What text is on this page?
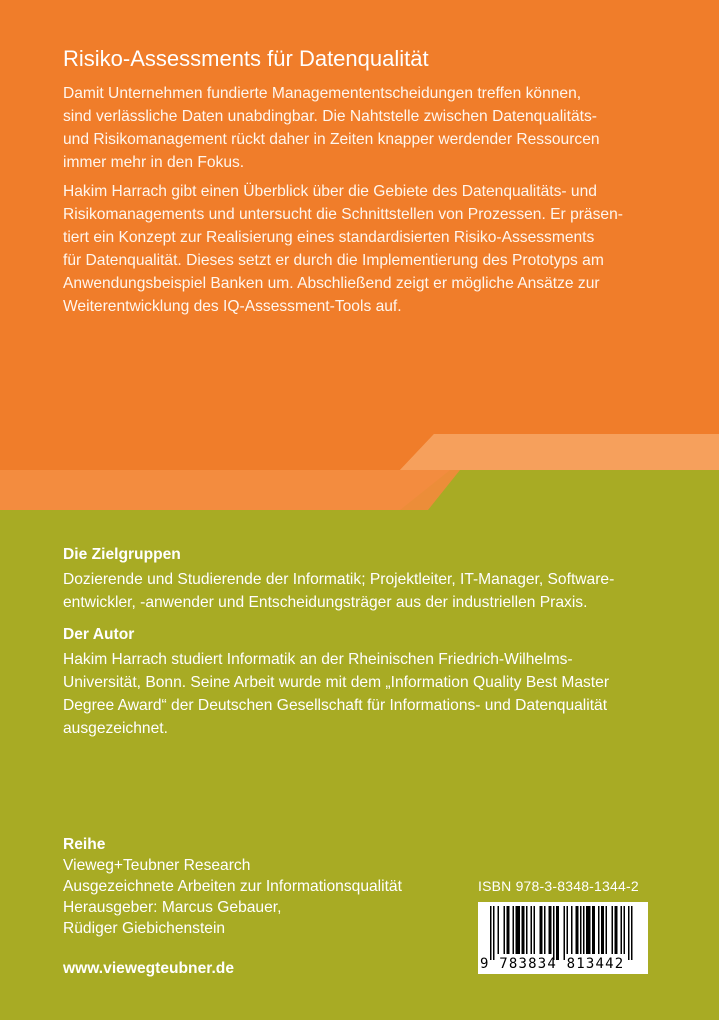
Risiko-Assessments für Datenqualität
Damit Unternehmen fundierte Managemententscheidungen treffen können,
sind verlässliche Daten unabdingbar. Die Nahtstelle zwischen Datenqualitäts-
und Risikomanagement rückt daher in Zeiten knapper werdender Ressourcen
immer mehr in den Fokus.
Hakim Harrach gibt einen Überblick über die Gebiete des Datenqualitäts- und
Risikomanagements und untersucht die Schnittstellen von Prozessen. Er präsen-
tiert ein Konzept zur Realisierung eines standardisierten Risiko-Assessments
für Datenqualität. Dieses setzt er durch die Implementierung des Prototyps am
Anwendungsbeispiel Banken um. Abschließend zeigt er mögliche Ansätze zur
Weiterentwicklung des IQ-Assessment-Tools auf.
Die Zielgruppen
Dozierende und Studierende der Informatik; Projektleiter, IT-Manager, Software-
entwickler, -anwender und Entscheidungsträger aus der industriellen Praxis.
Der Autor
Hakim Harrach studiert Informatik an der Rheinischen Friedrich-Wilhelms-
Universität, Bonn. Seine Arbeit wurde mit dem „Information Quality Best Master
Degree Award“ der Deutschen Gesellschaft für Informations- und Datenqualität
ausgezeichnet.
Reihe
Vieweg+Teubner Research
Ausgezeichnete Arbeiten zur Informationsqualität
Herausgeber: Marcus Gebauer,
Rüdiger Giebichenstein
www.viewegteubner.de
ISBN 978-3-8348-1344-2
9 783834 813442
